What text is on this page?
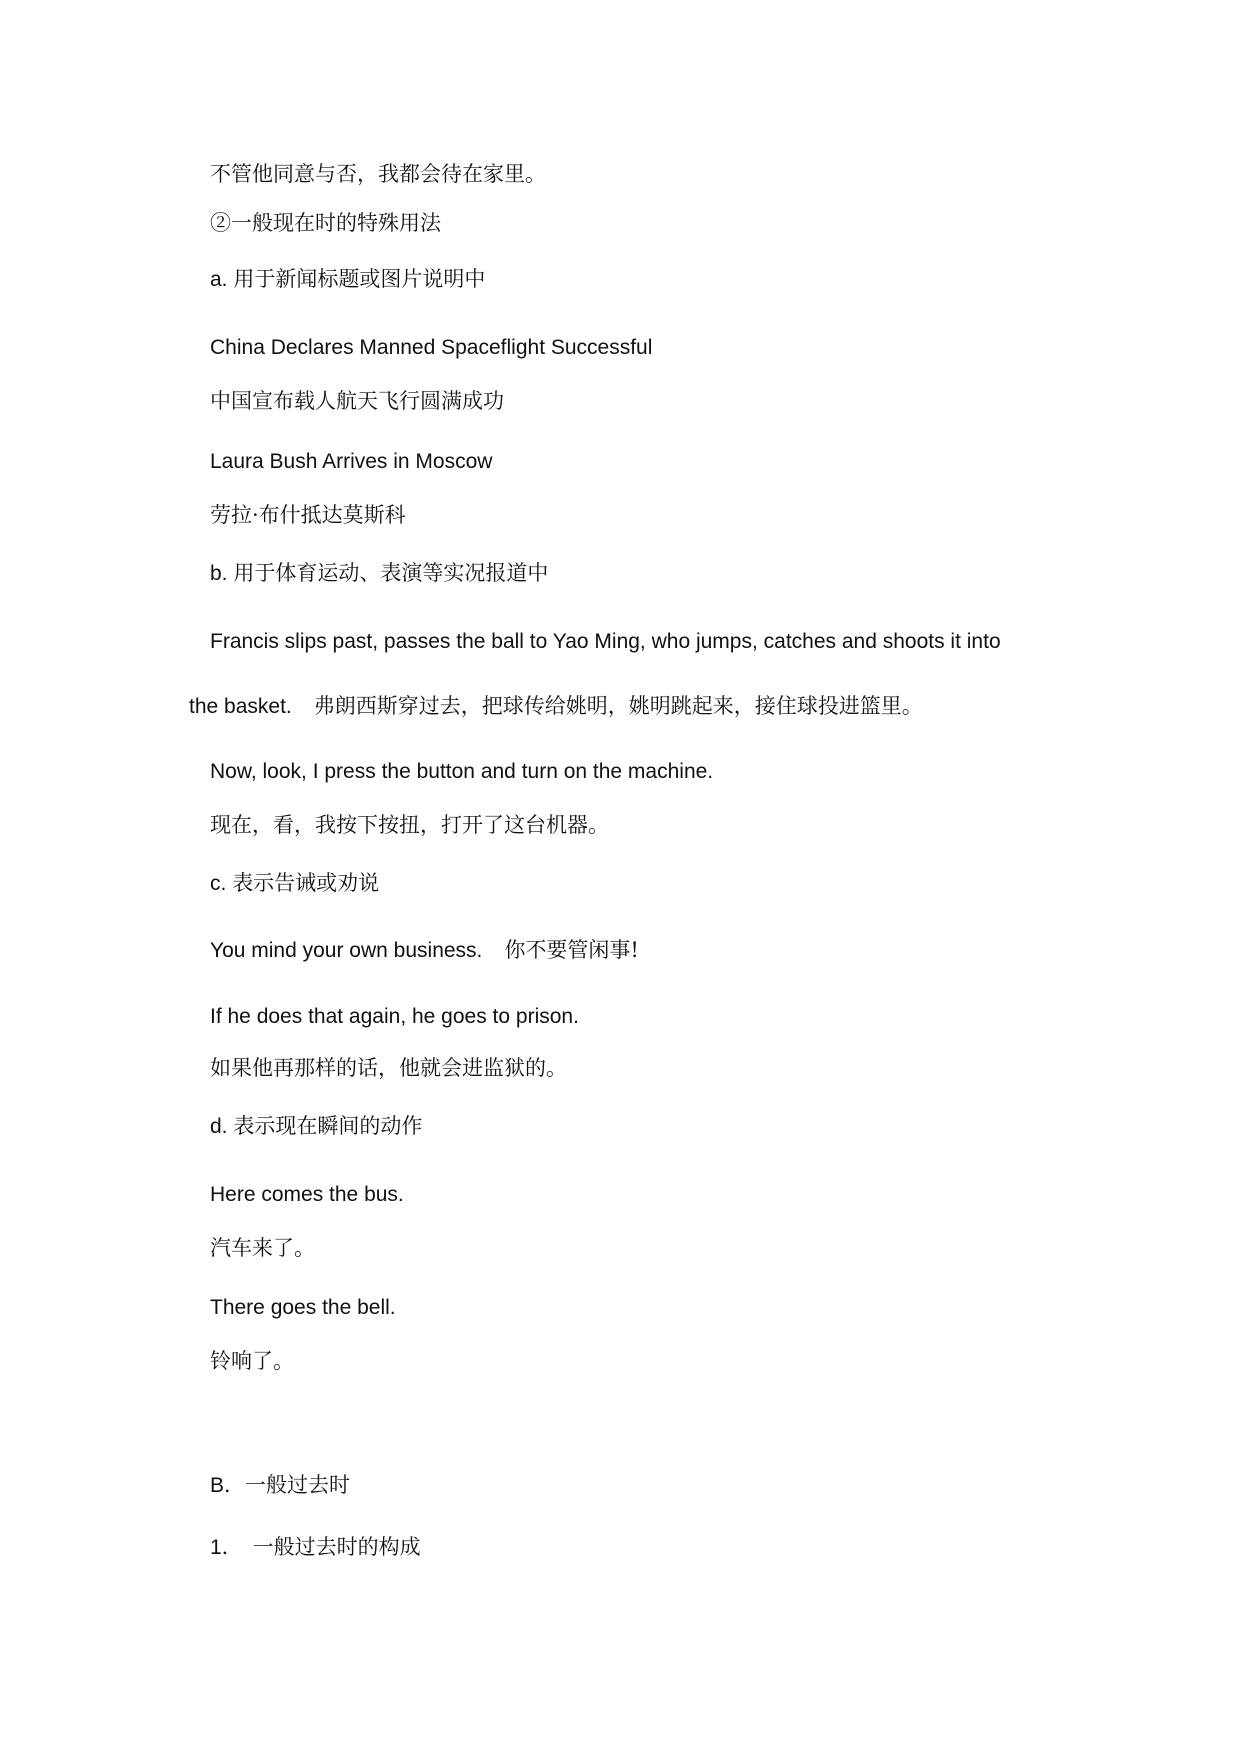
不管他同意与否，我都会待在家里。
②一般现在时的特殊用法
a. 用于新闻标题或图片说明中
China Declares Manned Spaceflight Successful
中国宣布载人航天飞行圆满成功
Laura Bush Arrives in Moscow
劳拉·布什抵达莫斯科
b. 用于体育运动、表演等实况报道中
Francis slips past, passes the ball to Yao Ming, who jumps, catches and shoots it into
the basket. 弗朗西斯穿过去，把球传给姚明，姚明跳起来，接住球投进篮里。
Now, look, I press the button and turn on the machine.
现在，看，我按下按扭，打开了这台机器。
c. 表示告诫或劝说
You mind your own business. 你不要管闲事!
If he does that again, he goes to prison.
如果他再那样的话，他就会进监狱的。
d. 表示现在瞬间的动作
Here comes the bus.
汽车来了。
There goes the bell.
铃响了。
B．一般过去时
1． 一般过去时的构成
